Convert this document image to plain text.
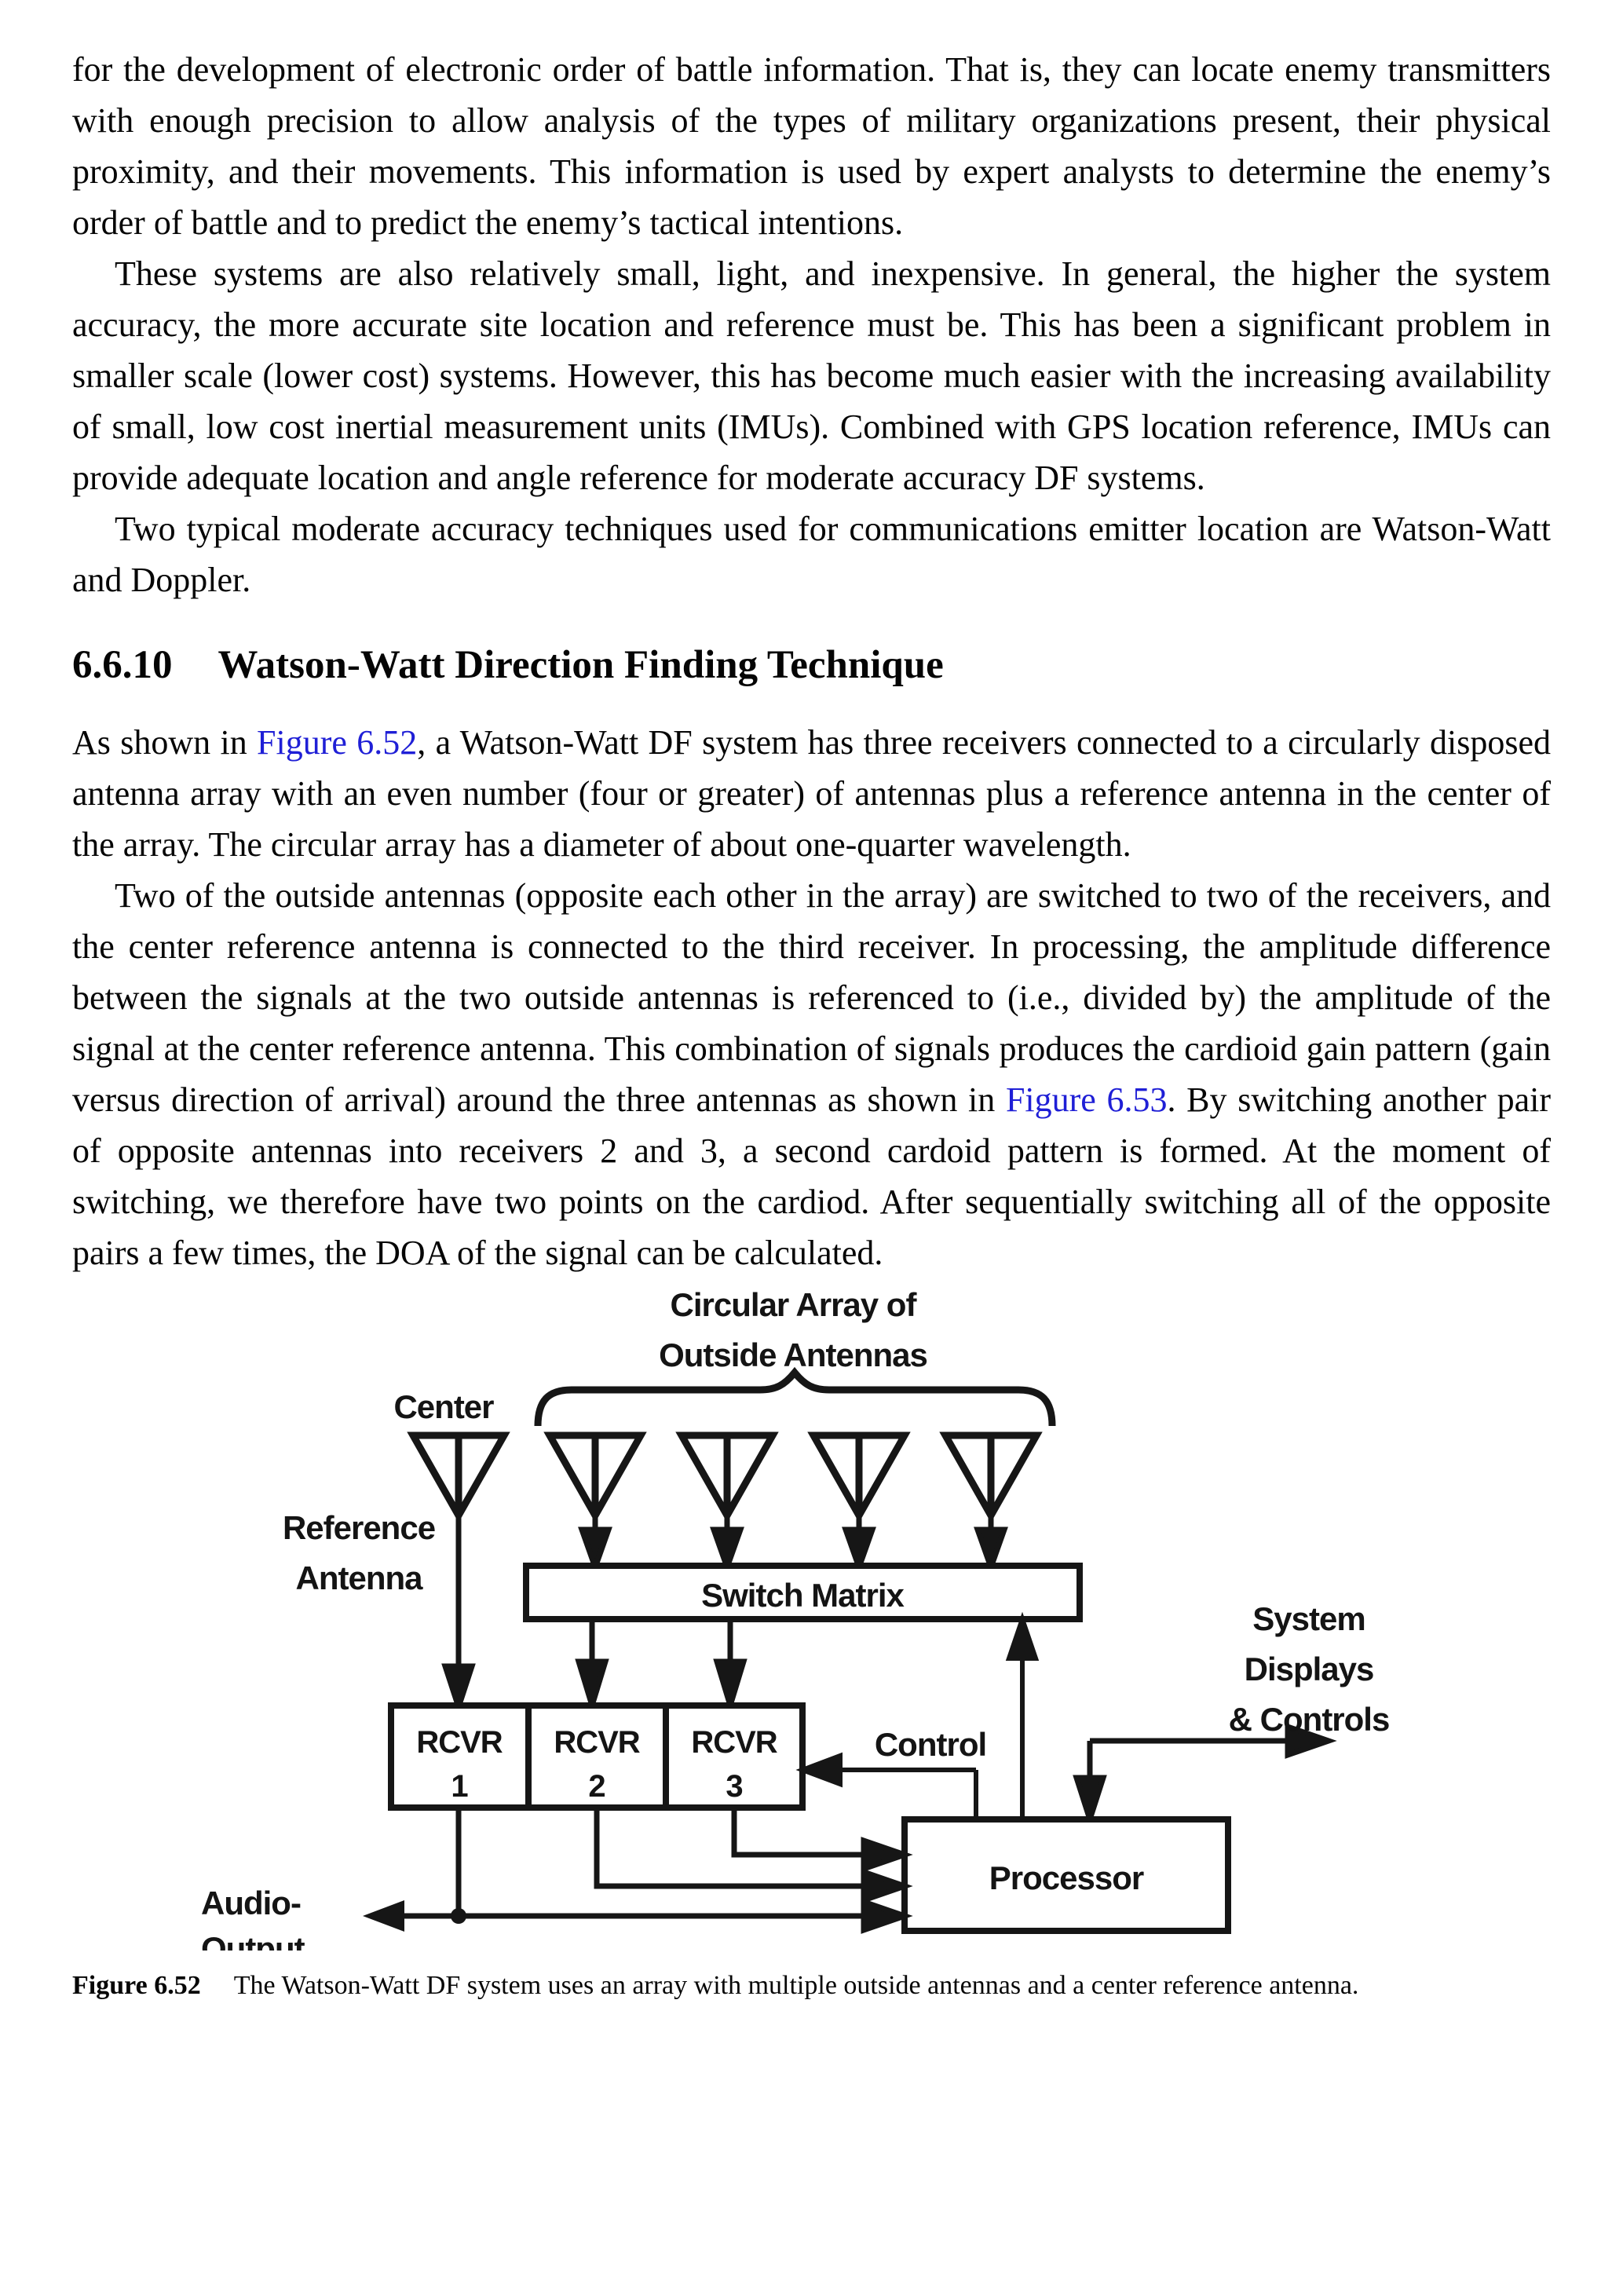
for the development of electronic order of battle information. That is, they can locate enemy transmitters with enough precision to allow analysis of the types of military organizations present, their physical proximity, and their movements. This information is used by expert analysts to determine the enemy’s order of battle and to predict the enemy’s tactical intentions.

These systems are also relatively small, light, and inexpensive. In general, the higher the system accuracy, the more accurate site location and reference must be. This has been a significant problem in smaller scale (lower cost) systems. However, this has become much easier with the increasing availability of small, low cost inertial measurement units (IMUs). Combined with GPS location reference, IMUs can provide adequate location and angle reference for moderate accuracy DF systems.

Two typical moderate accuracy techniques used for communications emitter location are Watson-Watt and Doppler.

6.6.10 Watson-Watt Direction Finding Technique

As shown in Figure 6.52, a Watson-Watt DF system has three receivers connected to a circularly disposed antenna array with an even number (four or greater) of antennas plus a reference antenna in the center of the array. The circular array has a diameter of about one-quarter wavelength.

Two of the outside antennas (opposite each other in the array) are switched to two of the receivers, and the center reference antenna is connected to the third receiver. In processing, the amplitude difference between the signals at the two outside antennas is referenced to (i.e., divided by) the amplitude of the signal at the center reference antenna. This combination of signals produces the cardioid gain pattern (gain versus direction of arrival) around the three antennas as shown in Figure 6.53. By switching another pair of opposite antennas into receivers 2 and 3, a second cardoid pattern is formed. At the moment of switching, we therefore have two points on the cardiod. After sequentially switching all of the opposite pairs a few times, the DOA of the signal can be calculated.

Circular Array of
Outside Antennas
Center
Reference
Antenna	Switch Matrix
RCVR
1
RCVR
2
RCVR
3
Control
System
Displays
& Controls
Processor
Audio-
Output

Figure 6.52 The Watson-Watt DF system uses an array with multiple outside antennas and a center reference antenna.
